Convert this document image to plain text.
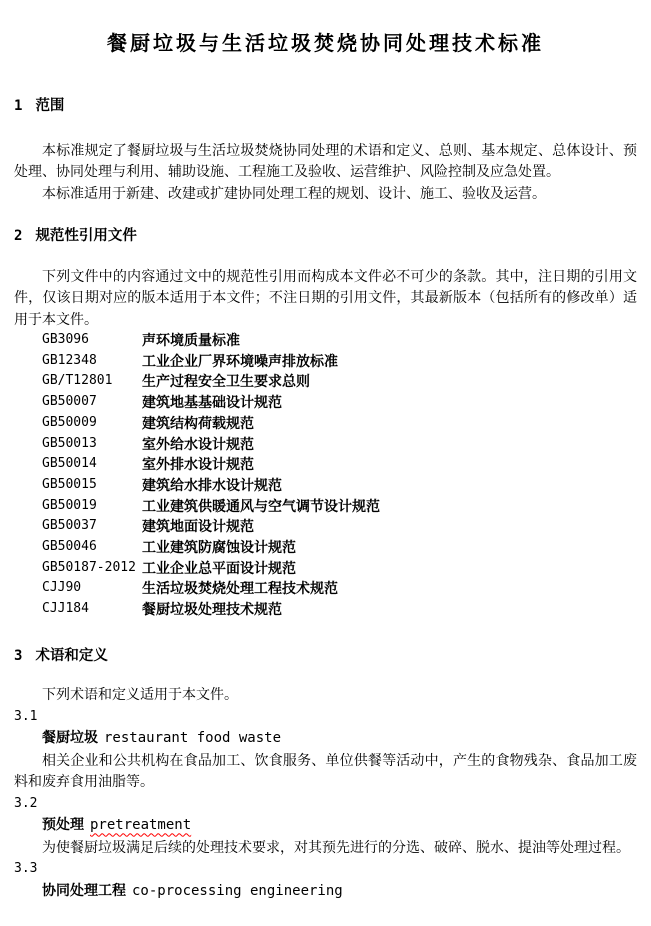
餐厨垃圾与生活垃圾焚烧协同处理技术标准
1 范围

本标准规定了餐厨垃圾与生活垃圾焚烧协同处理的术语和定义、总则、基本规定、总体设计、预处理、协同处理与利用、辅助设施、工程施工及验收、运营维护、风险控制及应急处置。

本标准适用于新建、改建或扩建协同处理工程的规划、设计、施工、验收及运营。

2 规范性引用文件

下列文件中的内容通过文中的规范性引用而构成本文件必不可少的条款。其中，注日期的引用文件，仅该日期对应的版本适用于本文件；不注日期的引用文件，其最新版本（包括所有的修改单）适用于本文件。

GB3096	声环境质量标准
GB12348	工业企业厂界环境噪声排放标准
GB/T12801	生产过程安全卫生要求总则
GB50007	建筑地基基础设计规范
GB50009	建筑结构荷载规范
GB50013	室外给水设计规范
GB50014	室外排水设计规范
GB50015	建筑给水排水设计规范
GB50019	工业建筑供暖通风与空气调节设计规范
GB50037	建筑地面设计规范
GB50046	工业建筑防腐蚀设计规范
GB50187-2012 工业企业总平面设计规范
CJJ90	生活垃圾焚烧处理工程技术规范
CJJ184	餐厨垃圾处理技术规范
3 术语和定义

下列术语和定义适用于本文件。

3.1
餐厨垃圾 restaurant food waste

相关企业和公共机构在食品加工、饮食服务、单位供餐等活动中，产生的食物残杂、食品加工废料和废弃食用油脂等。

3.2
预处理 pretreatment

为使餐厨垃圾满足后续的处理技术要求，对其预先进行的分选、破碎、脱水、提油等处理过程。

3.3
协同处理工程 co-processing engineering
